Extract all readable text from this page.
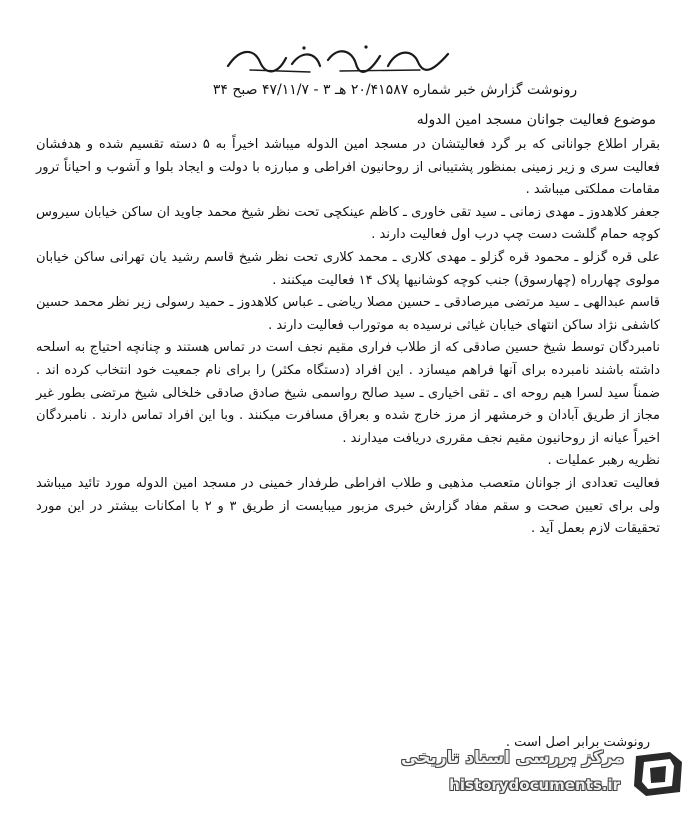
رونوشت گزارش خبر شماره ۲۰/۴۱۵۸۷ هـ ۳ - ۴۷/۱۱/۷ صبح ۳۴
موضوع فعالیت جوانان مسجد امین الدوله

بقرار اطلاع جوانانی که بر گرد فعالیتشان در مسجد امین الدوله میباشد اخیراً به ۵ دسته تقسیم شده و هدفشان فعالیت سری و زیر زمینی بمنظور پشتیبانی از روحانیون افراطی و مبارزه با دولت و ایجاد بلوا و آشوب و احیاناً ترور مقامات مملکتی میباشد .

جعفر کلاهدوز ـ مهدی زمانی ـ سید تقی خاوری ـ کاظم عینکچی تحت نظر شیخ محمد جاوید ان ساکن خیابان سیروس کوچه حمام گلشت دست چپ درب اول فعالیت دارند .

علی قره گزلو ـ محمود قره گزلو ـ مهدی کلاری ـ محمد کلاری تحت نظر شیخ قاسم رشید یان تهرانی ساکن خیابان مولوی چهارراه (چهارسوق) جنب کوچه کوشانیها پلاک ۱۴ فعالیت میکنند .

قاسم عبدالهی ـ سید مرتضی میرصادقی ـ حسین مصلا ریاضی ـ عباس کلاهدوز ـ حمید رسولی زیر نظر محمد حسین کاشفی نژاد ساکن انتهای خیابان غیاثی نرسیده به موتوراب فعالیت دارند .

نامبردگان توسط شیخ حسین صادقی که از طلاب فراری مقیم نجف است در تماس هستند و چنانچه احتیاج به اسلحه داشته باشند نامبرده برای آنها فراهم میسازد . این افراد (دستگاه مکثر) را برای نام جمعیت خود انتخاب کرده اند . ضمناً سید لسرا هیم روحه ای ـ تقی اخیاری ـ سید صالح رواسمی شیخ صادق صادقی خلخالی شیخ مرتضی بطور غیر مجاز از طریق آبادان و خرمشهر از مرز خارج شده و بعراق مسافرت میکنند . وبا این افراد تماس دارند . نامبردگان اخیراً عیانه از روحانیون مقیم نجف مقرری دریافت میدارند .

نظریه رهبر عملیات .

فعالیت تعدادی از جوانان متعصب مذهبی و طلاب افراطی طرفدار خمینی در مسجد امین الدوله مورد تائید میباشد ولی برای تعیین صحت و سقم مفاد گزارش خبری مزبور میبایست از طریق ۳ و ۲ با امکانات بیشتر در این مورد تحقیقات لازم بعمل آید .

رونوشت برابر اصل است .
مرکز بررسی اسناد تاریخی
historydocuments.ir
